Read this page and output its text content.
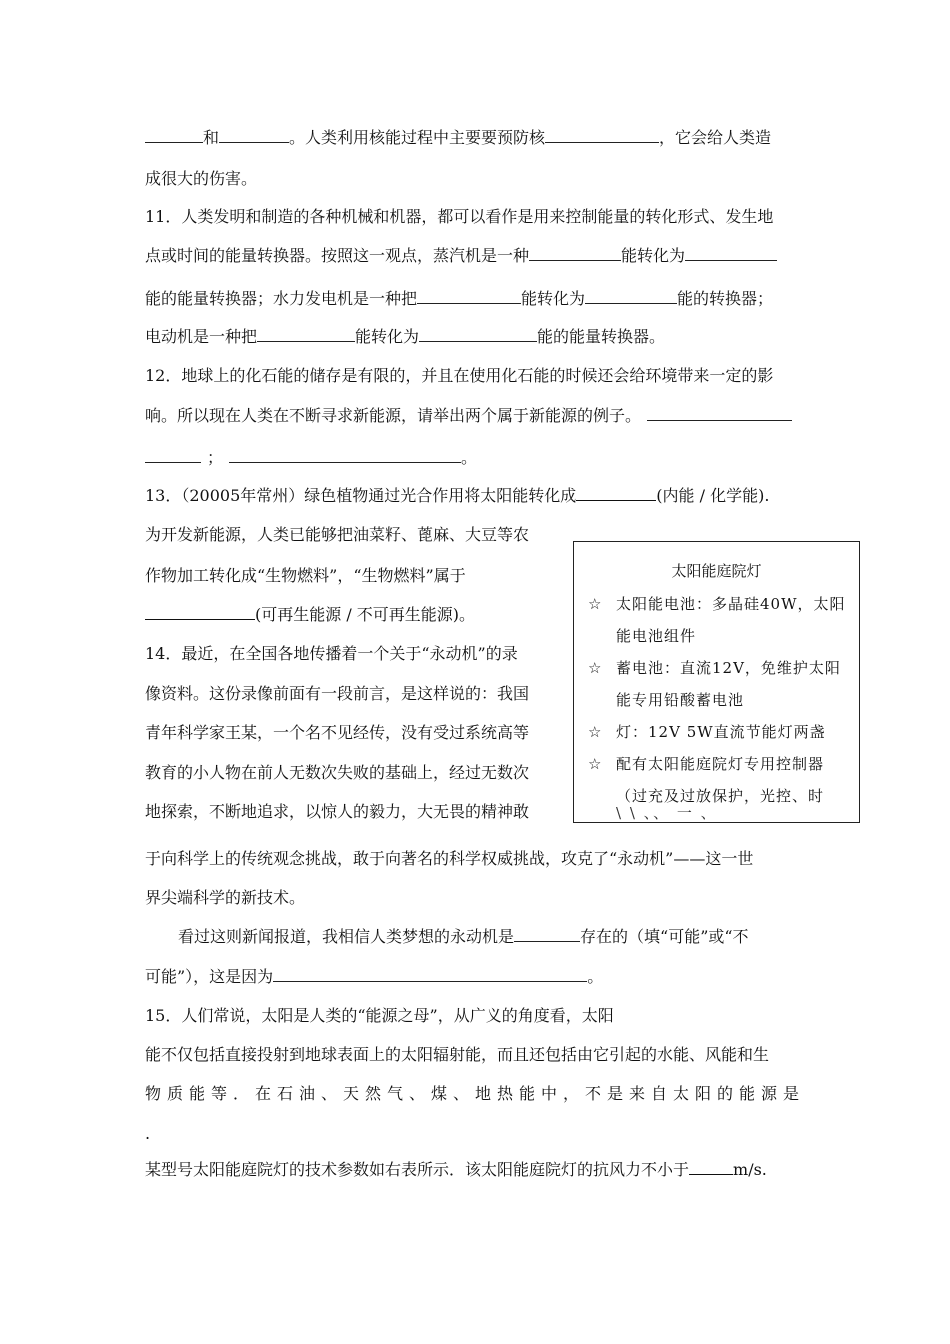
和	。人类利用核能过程中主要要预防核	，它会给人类造
成很大的伤害。
11．人类发明和制造的各种机械和机器，都可以看作是用来控制能量的转化形式、发生地
点或时间的能量转换器。按照这一观点，蒸汽机是一种	能转化为
能的能量转换器；水力发电机是一种把	能转化为	能的转换器；
电动机是一种把	能转化为	能的能量转换器。
12．地球上的化石能的储存是有限的，并且在使用化石能的时候还会给环境带来一定的影
响。所以现在人类在不断寻求新能源，请举出两个属于新能源的例子。
；	。
13．（20005年常州）绿色植物通过光合作用将太阳能转化成	(内能 / 化学能).
为开发新能源，人类已能够把油菜籽、蓖麻、大豆等农
作物加工转化成“生物燃料”，“生物燃料”属于
(可再生能源 / 不可再生能源)。
14．最近，在全国各地传播着一个关于“永动机”的录
像资料。这份录像前面有一段前言，是这样说的：我国
青年科学家王某，一个名不见经传，没有受过系统高等
教育的小人物在前人无数次失败的基础上，经过无数次
地探索，不断地追求，以惊人的毅力，大无畏的精神敢
于向科学上的传统观念挑战，敢于向著名的科学权威挑战，攻克了“永动机”——这一世
界尖端科学的新技术。
看过这则新闻报道，我相信人类梦想的永动机是	存在的（填“可能”或“不
可能”），这是因为	。
15．人们常说，太阳是人类的“能源之母”，从广义的角度看，太阳
能不仅包括直接投射到地球表面上的太阳辐射能，而且还包括由它引起的水能、风能和生
物质能等．在石油、天然气、煤、地热能中，不是来自太阳的能源是
.
某型号太阳能庭院灯的技术参数如右表所示．该太阳能庭院灯的抗风力不小于	m/s.
太阳能庭院灯
☆ 太阳能电池：多晶硅40W，太阳能电池组件
☆ 蓄电池：直流12V，免维护太阳能专用铅酸蓄电池
☆ 灯：12V 5W直流节能灯两盏
☆ 配有太阳能庭院灯专用控制器（过充及过放保护，光控、时
\ \ 、、 一 、
